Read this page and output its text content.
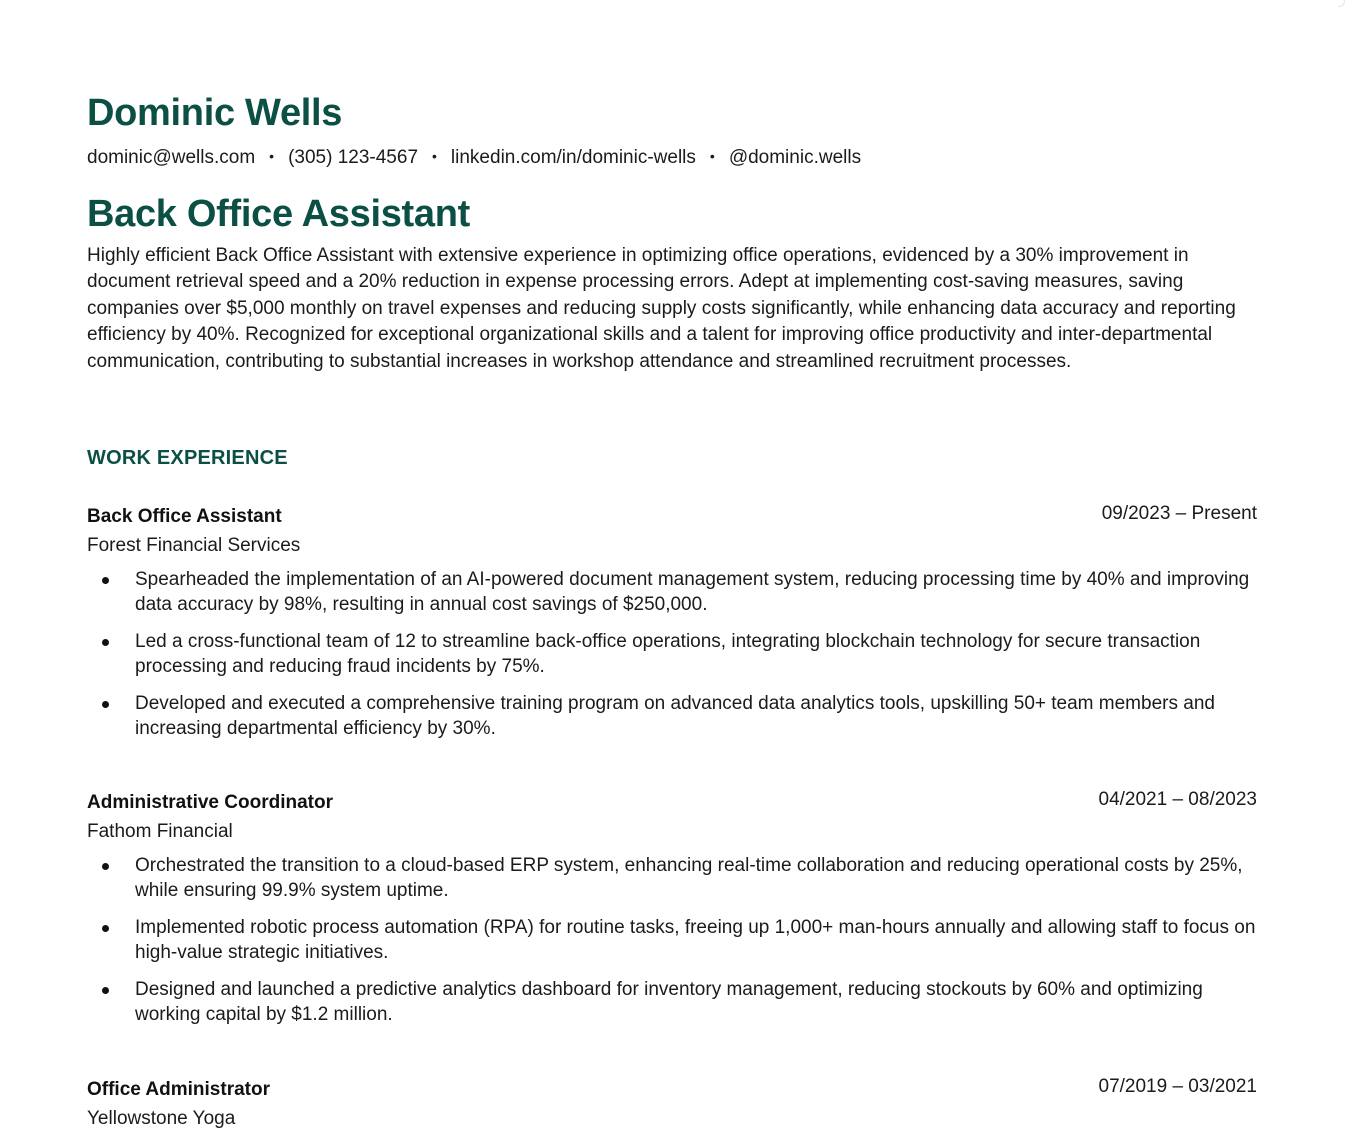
Dominic Wells
dominic@wells.com • (305) 123-4567 • linkedin.com/in/dominic-wells • @dominic.wells
Back Office Assistant

Highly efficient Back Office Assistant with extensive experience in optimizing office operations, evidenced by a 30% improvement in document retrieval speed and a 20% reduction in expense processing errors. Adept at implementing cost-saving measures, saving companies over $5,000 monthly on travel expenses and reducing supply costs significantly, while enhancing data accuracy and reporting efficiency by 40%. Recognized for exceptional organizational skills and a talent for improving office productivity and inter-departmental communication, contributing to substantial increases in workshop attendance and streamlined recruitment processes.

WORK EXPERIENCE
Back Office Assistant	09/2023 – Present
Forest Financial Services
Spearheaded the implementation of an AI-powered document management system, reducing processing time by 40% and improving data accuracy by 98%, resulting in annual cost savings of $250,000.
Led a cross-functional team of 12 to streamline back-office operations, integrating blockchain technology for secure transaction processing and reducing fraud incidents by 75%.
Developed and executed a comprehensive training program on advanced data analytics tools, upskilling 50+ team members and increasing departmental efficiency by 30%.
Administrative Coordinator	04/2021 – 08/2023
Fathom Financial
Orchestrated the transition to a cloud-based ERP system, enhancing real-time collaboration and reducing operational costs by 25%, while ensuring 99.9% system uptime.
Implemented robotic process automation (RPA) for routine tasks, freeing up 1,000+ man-hours annually and allowing staff to focus on high-value strategic initiatives.
Designed and launched a predictive analytics dashboard for inventory management, reducing stockouts by 60% and optimizing working capital by $1.2 million.
Office Administrator	07/2019 – 03/2021
Yellowstone Yoga
